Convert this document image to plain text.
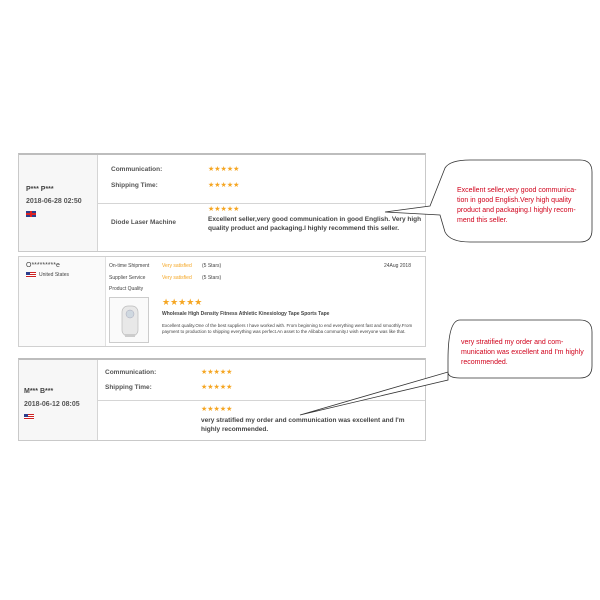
P*** P***
2018-06-28 02:50
Communication:	★★★★★
Shipping Time:	★★★★★
Diode Laser Machine
★★★★★
Excellent seller,very good communication in good English. Very high quality product and packaging.I highly recommend this seller.
O*********e
United States
On-time Shipment	Very satisfied (5 Stars)	24Aug 2018
Supplier Service	Very satisfied (5 Stars)
Product Quality
★★★★★
Wholesale High Density Fitness Athletic Kinesiology Tape Sports Tape
Excellent quality.One of the best suppliers I have worked with. From beginning to end everything went fast and smoothly.From payment to production to shipping everything was perfect.An asset to the Alibaba community.I wish everyone was like that.
M*** B***
2018-06-12 08:05
Communication:	★★★★★
Shipping Time:	★★★★★
★★★★★
very stratified my order and communication was excellent and I'm highly recommended.
Excellent seller,very good communica-tion in good English.Very high quality product and packaging.I highly recom-mend this seller.
very stratified my order and com-munication was excellent and I'm highly recommended.
